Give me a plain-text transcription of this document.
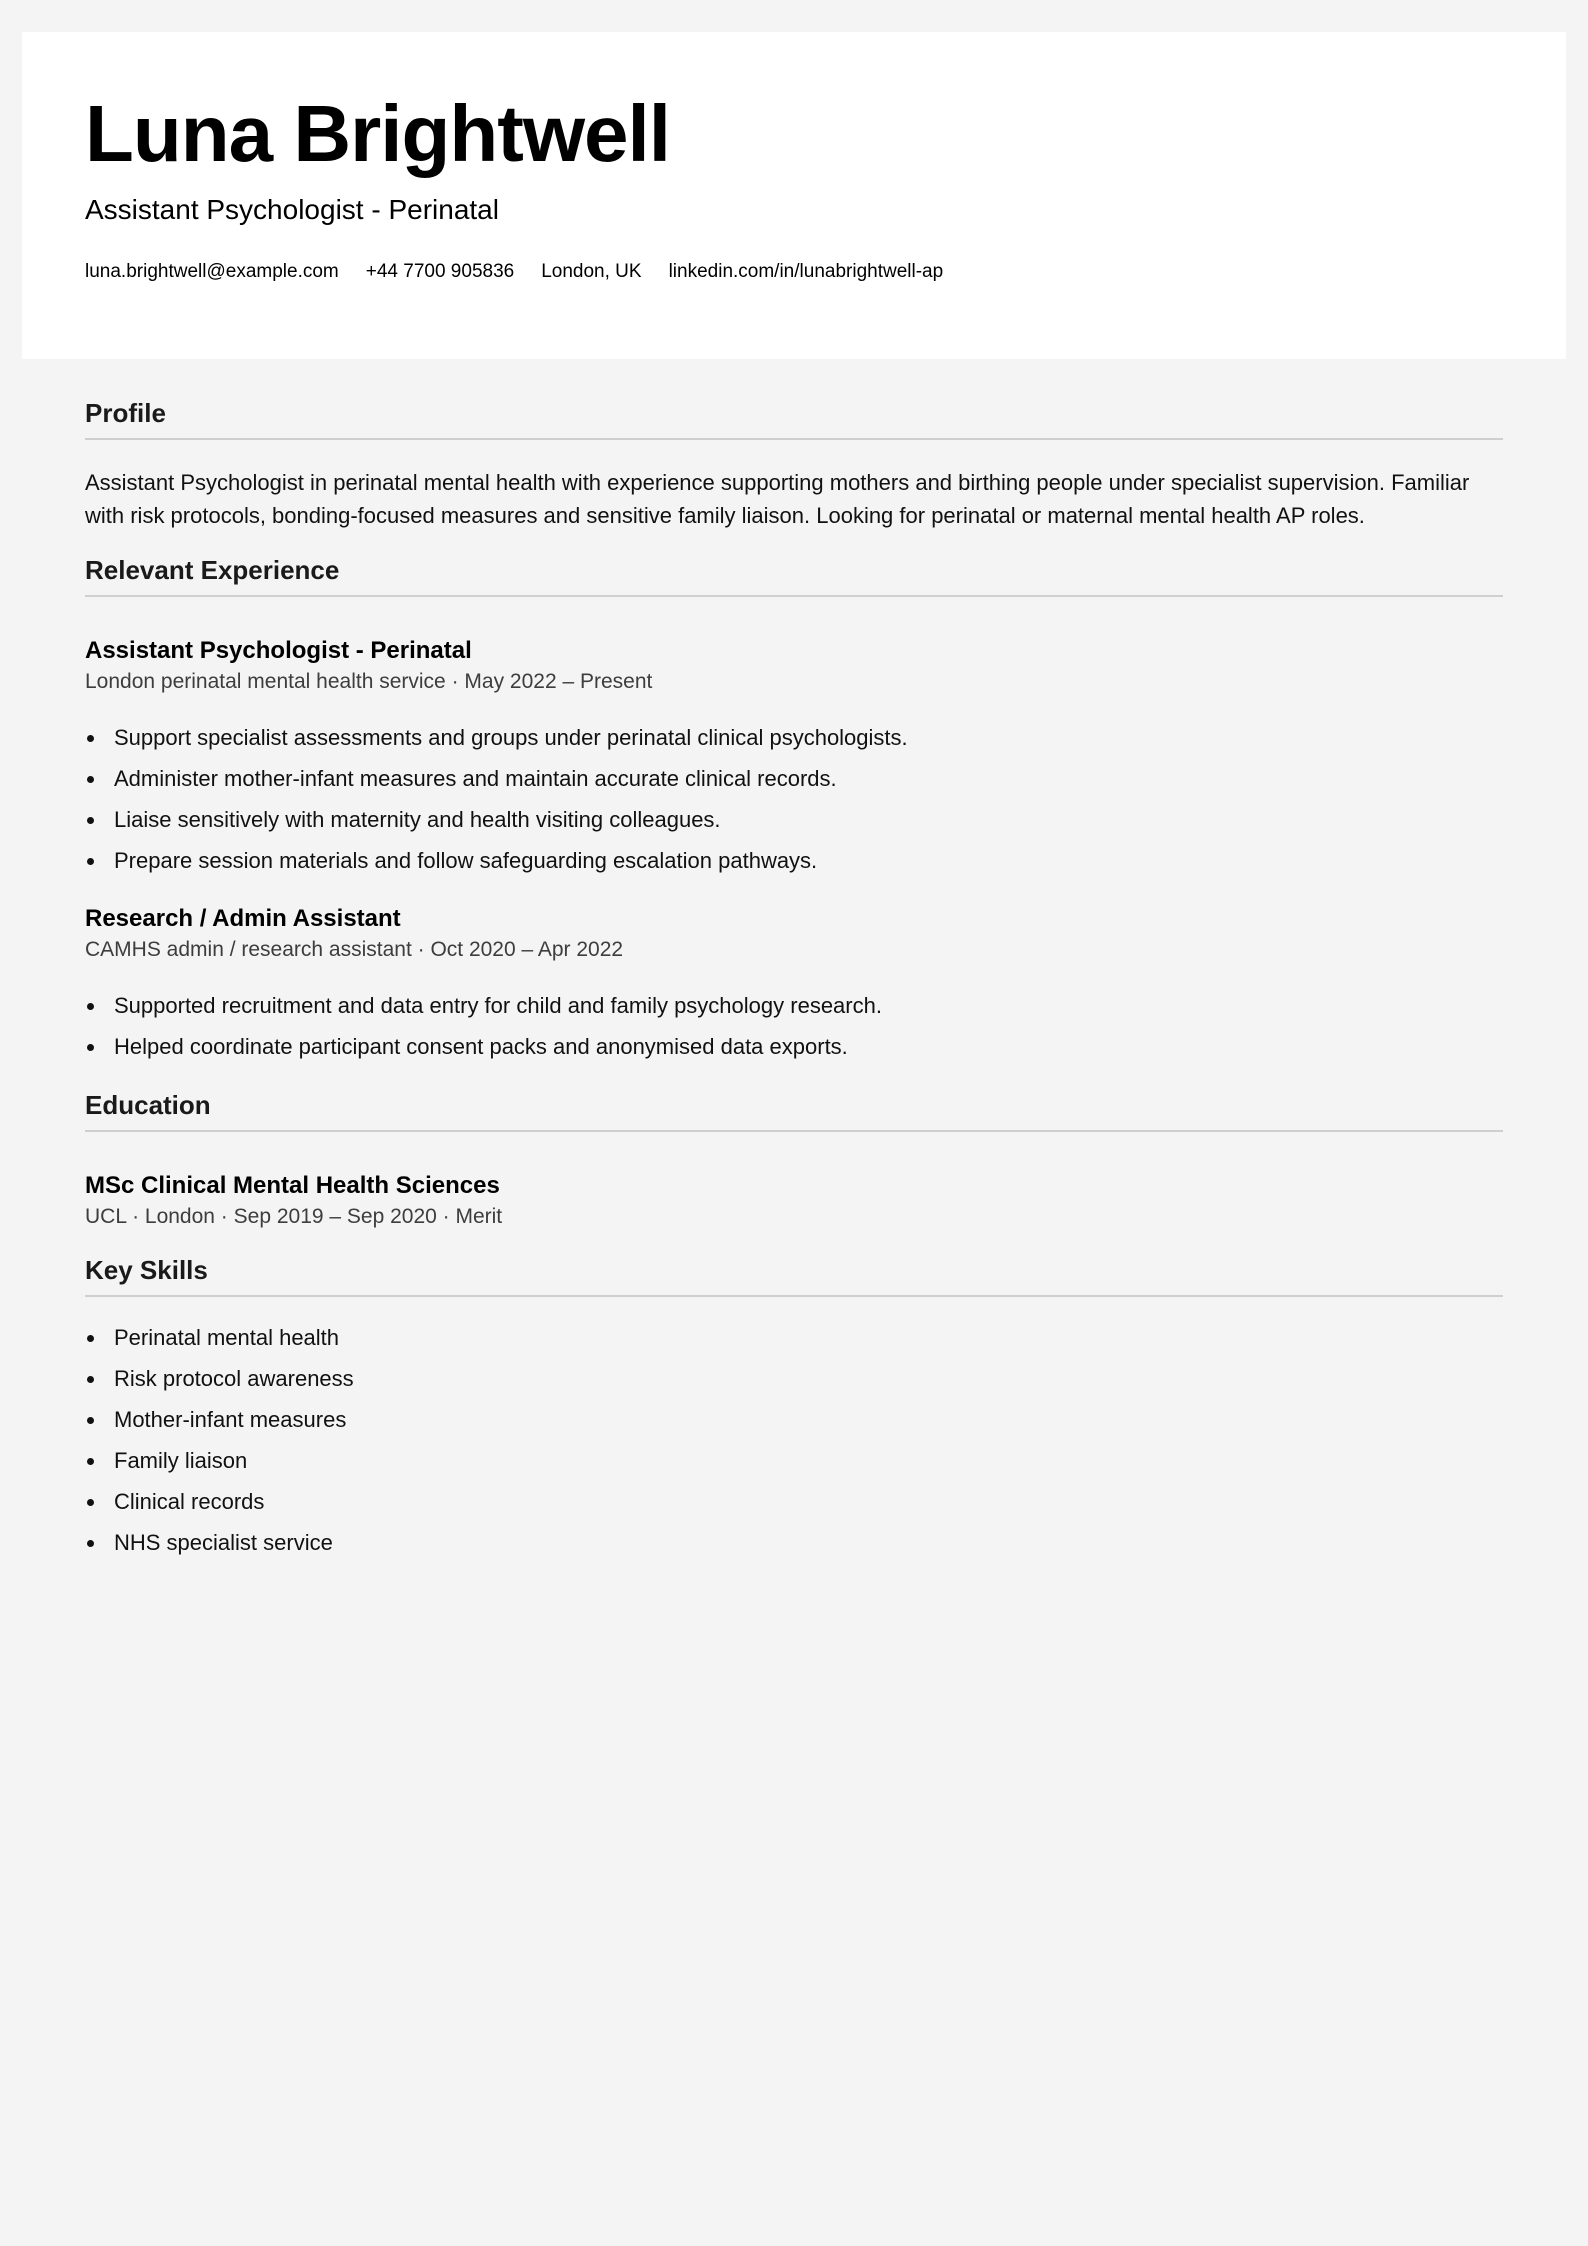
Luna Brightwell

Assistant Psychologist - Perinatal

luna.brightwell@example.com +44 7700 905836 London, UK linkedin.com/in/lunabrightwell-ap
Profile

Assistant Psychologist in perinatal mental health with experience supporting mothers and birthing people under specialist supervision. Familiar with risk protocols, bonding-focused measures and sensitive family liaison. Looking for perinatal or maternal mental health AP roles.

Relevant Experience

Assistant Psychologist - Perinatal

London perinatal mental health service · May 2022 – Present

Support specialist assessments and groups under perinatal clinical psychologists.
Administer mother-infant measures and maintain accurate clinical records.
Liaise sensitively with maternity and health visiting colleagues.
Prepare session materials and follow safeguarding escalation pathways.

Research / Admin Assistant

CAMHS admin / research assistant · Oct 2020 – Apr 2022

Supported recruitment and data entry for child and family psychology research.
Helped coordinate participant consent packs and anonymised data exports.
Education

MSc Clinical Mental Health Sciences

UCL · London · Sep 2019 – Sep 2020 · Merit

Key Skills
Perinatal mental health
Risk protocol awareness
Mother-infant measures
Family liaison
Clinical records
NHS specialist service
